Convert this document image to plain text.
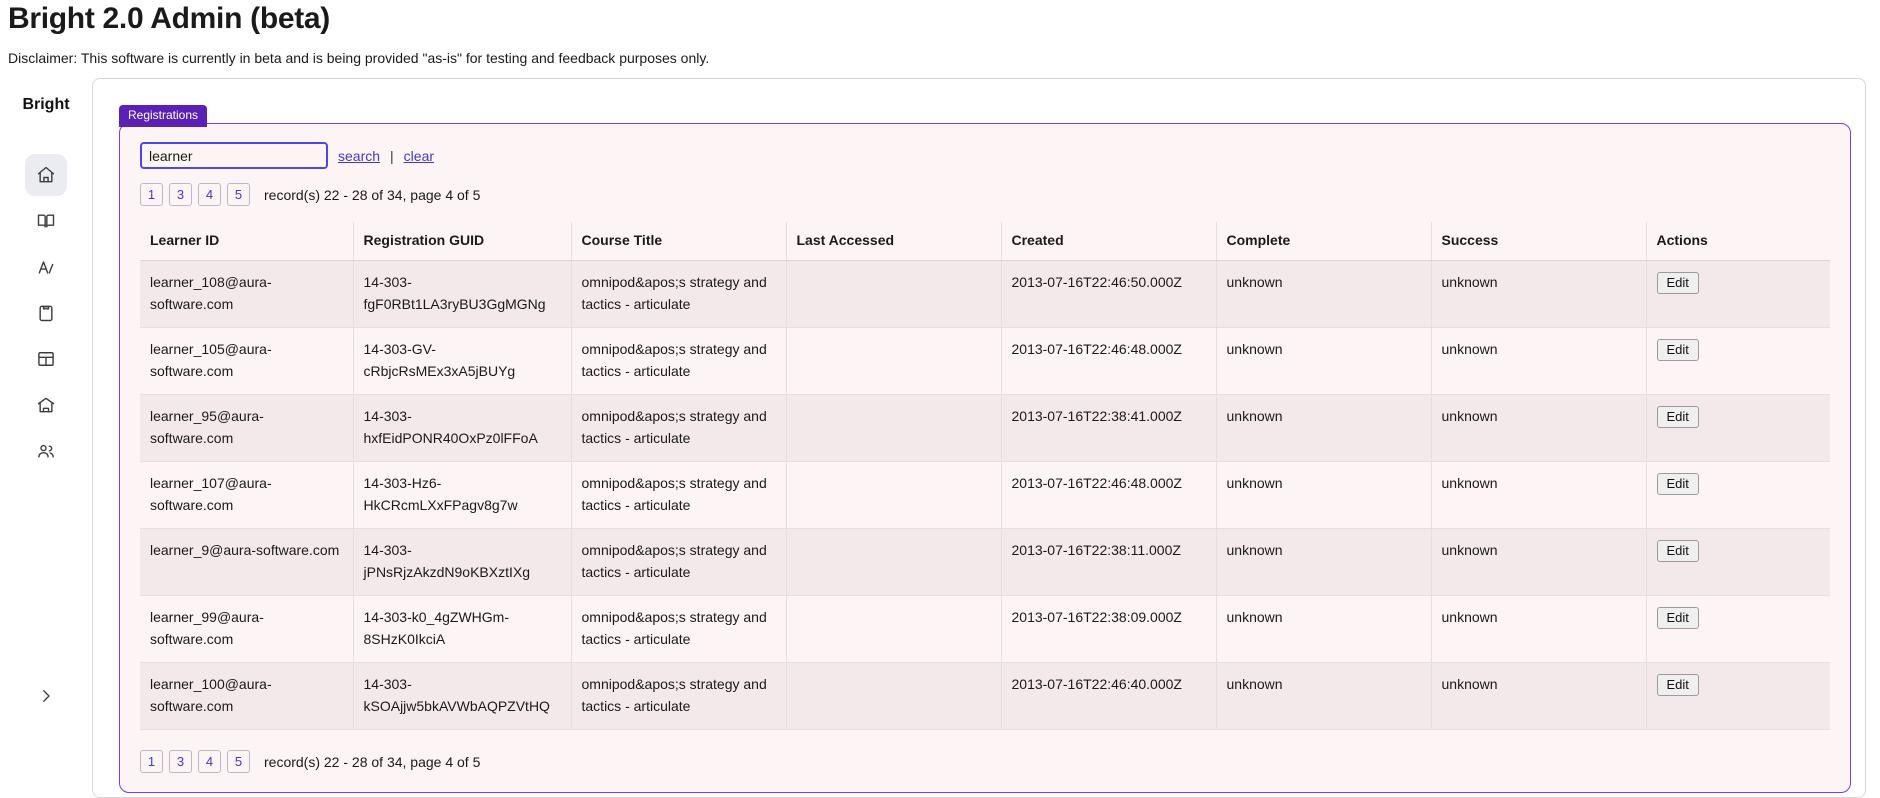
Bright 2.0 Admin (beta)
Disclaimer: This software is currently in beta and is being provided "as-is" for testing and feedback purposes only.
Bright
Registrations
learner
search | clear
1	3	4	5	record(s) 22 - 28 of 34, page 4 of 5
Learner ID	Registration GUID	Course Title	Last Accessed	Created	Complete	Success	Actions
learner_108@aura-software.com	14-303-fgF0RBt1LA3ryBU3GgMGNg	omnipod&apos;s strategy and tactics - articulate		2013-07-16T22:46:50.000Z	unknown	unknown	Edit
learner_105@aura-software.com	14-303-GV-cRbjcRsMEx3xA5jBUYg	omnipod&apos;s strategy and tactics - articulate		2013-07-16T22:46:48.000Z	unknown	unknown	Edit
learner_95@aura-software.com	14-303-hxfEidPONR40OxPz0lFFoA	omnipod&apos;s strategy and tactics - articulate		2013-07-16T22:38:41.000Z	unknown	unknown	Edit
learner_107@aura-software.com	14-303-Hz6-HkCRcmLXxFPagv8g7w	omnipod&apos;s strategy and tactics - articulate		2013-07-16T22:46:48.000Z	unknown	unknown	Edit
learner_9@aura-software.com	14-303-jPNsRjzAkzdN9oKBXztIXg	omnipod&apos;s strategy and tactics - articulate		2013-07-16T22:38:11.000Z	unknown	unknown	Edit
learner_99@aura-software.com	14-303-k0_4gZWHGm-8SHzK0IkciA	omnipod&apos;s strategy and tactics - articulate		2013-07-16T22:38:09.000Z	unknown	unknown	Edit
learner_100@aura-software.com	14-303-kSOAjjw5bkAVWbAQPZVtHQ	omnipod&apos;s strategy and tactics - articulate		2013-07-16T22:46:40.000Z	unknown	unknown	Edit
1	3	4	5	record(s) 22 - 28 of 34, page 4 of 5
